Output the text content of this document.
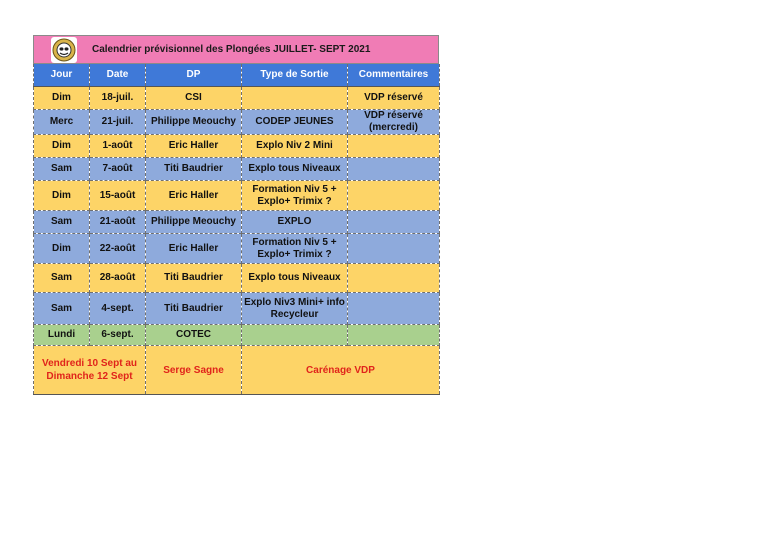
Calendrier prévisionnel des Plongées JUILLET- SEPT 2021
Jour	Date	DP	Type de Sortie	Commentaires
Dim	18-juil.	CSI		VDP réservé
Merc	21-juil.	Philippe Meouchy	CODEP JEUNES	VDP réservé (mercredi)
Dim	1-août	Eric Haller	Explo Niv 2 Mini	
Sam	7-août	Titi Baudrier	Explo tous Niveaux	
Dim	15-août	Eric Haller	Formation Niv 5 + Explo+ Trimix ?	
Sam	21-août	Philippe Meouchy	EXPLO	
Dim	22-août	Eric Haller	Formation Niv 5 + Explo+ Trimix ?	
Sam	28-août	Titi Baudrier	Explo tous Niveaux	
Sam	4-sept.	Titi Baudrier	Explo Niv3 Mini+ info Recycleur	
Lundi	6-sept.	COTEC		
Vendredi 10 Sept au Dimanche 12 Sept		Serge Sagne	Carénage VDP	
